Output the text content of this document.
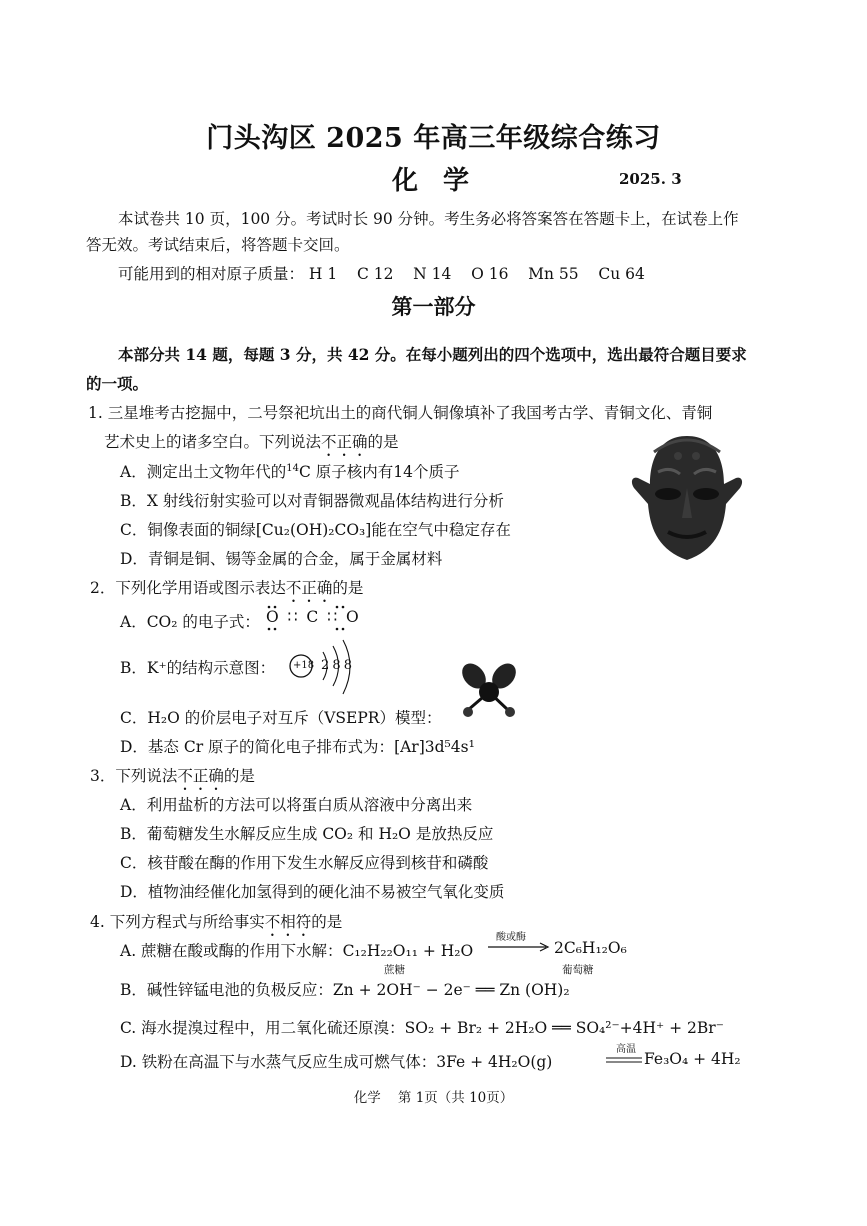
门头沟区 2025 年高三年级综合练习
化 学	2025. 3
本试卷共 10 页，100 分。考试时长 90 分钟。考生务必将答案答在答题卡上，在试卷上作
答无效。考试结束后，将答题卡交回。
可能用到的相对原子质量： H 1    C 12    N 14    O 16    Mn 55    Cu 64
第一部分
本部分共 14 题，每题 3 分，共 42 分。在每小题列出的四个选项中，选出最符合题目要求
的一项。
1. 三星堆考古挖掘中，二号祭祀坑出土的商代铜人铜像填补了我国考古学、青铜文化、青铜
艺术史上的诸多空白。下列说法不正确的是
A．测定出土文物年代的$^{14}$C 原子核内有14个质子
B．X 射线衍射实验可以对青铜器微观晶体结构进行分析
C．铜像表面的铜绿[Cu₂(OH)₂CO₃]能在空气中稳定存在
D．青铜是铜、锡等金属的合金，属于金属材料
2．下列化学用语或图示表达不正确的是
A．CO₂ 的电子式： O ∷ C ∷ O
B．K⁺的结构示意图： +18 2 8 8
C．H₂O 的价层电子对互斥（VSEPR）模型：
D．基态 Cr 原子的简化电子排布式为：[Ar]3d⁵4s¹
3．下列说法不正确的是
A．利用盐析的方法可以将蛋白质从溶液中分离出来
B．葡萄糖发生水解反应生成 CO₂ 和 H₂O 是放热反应
C．核苷酸在酶的作用下发生水解反应得到核苷和磷酸
D．植物油经催化加氢得到的硬化油不易被空气氧化变质
4. 下列方程式与所给事实不相符的是
A. 蔗糖在酸或酶的作用下水解：C₁₂H₂₂O₁₁ + H₂O
酸或酶
→ 2C₆H₁₂O₆
蔗糖	葡萄糖
B．碱性锌锰电池的负极反应：Zn + 2OH⁻ − 2e⁻ ══ Zn (OH)₂
C. 海水提溴过程中，用二氧化硫还原溴：SO₂ + Br₂ + 2H₂O ══ SO₄²⁻+4H⁺ + 2Br⁻
D. 铁粉在高温下与水蒸气反应生成可燃气体：3Fe + 4H₂O(g)
高温
Fe₃O₄ + 4H₂
化学    第 1页（共 10页）
